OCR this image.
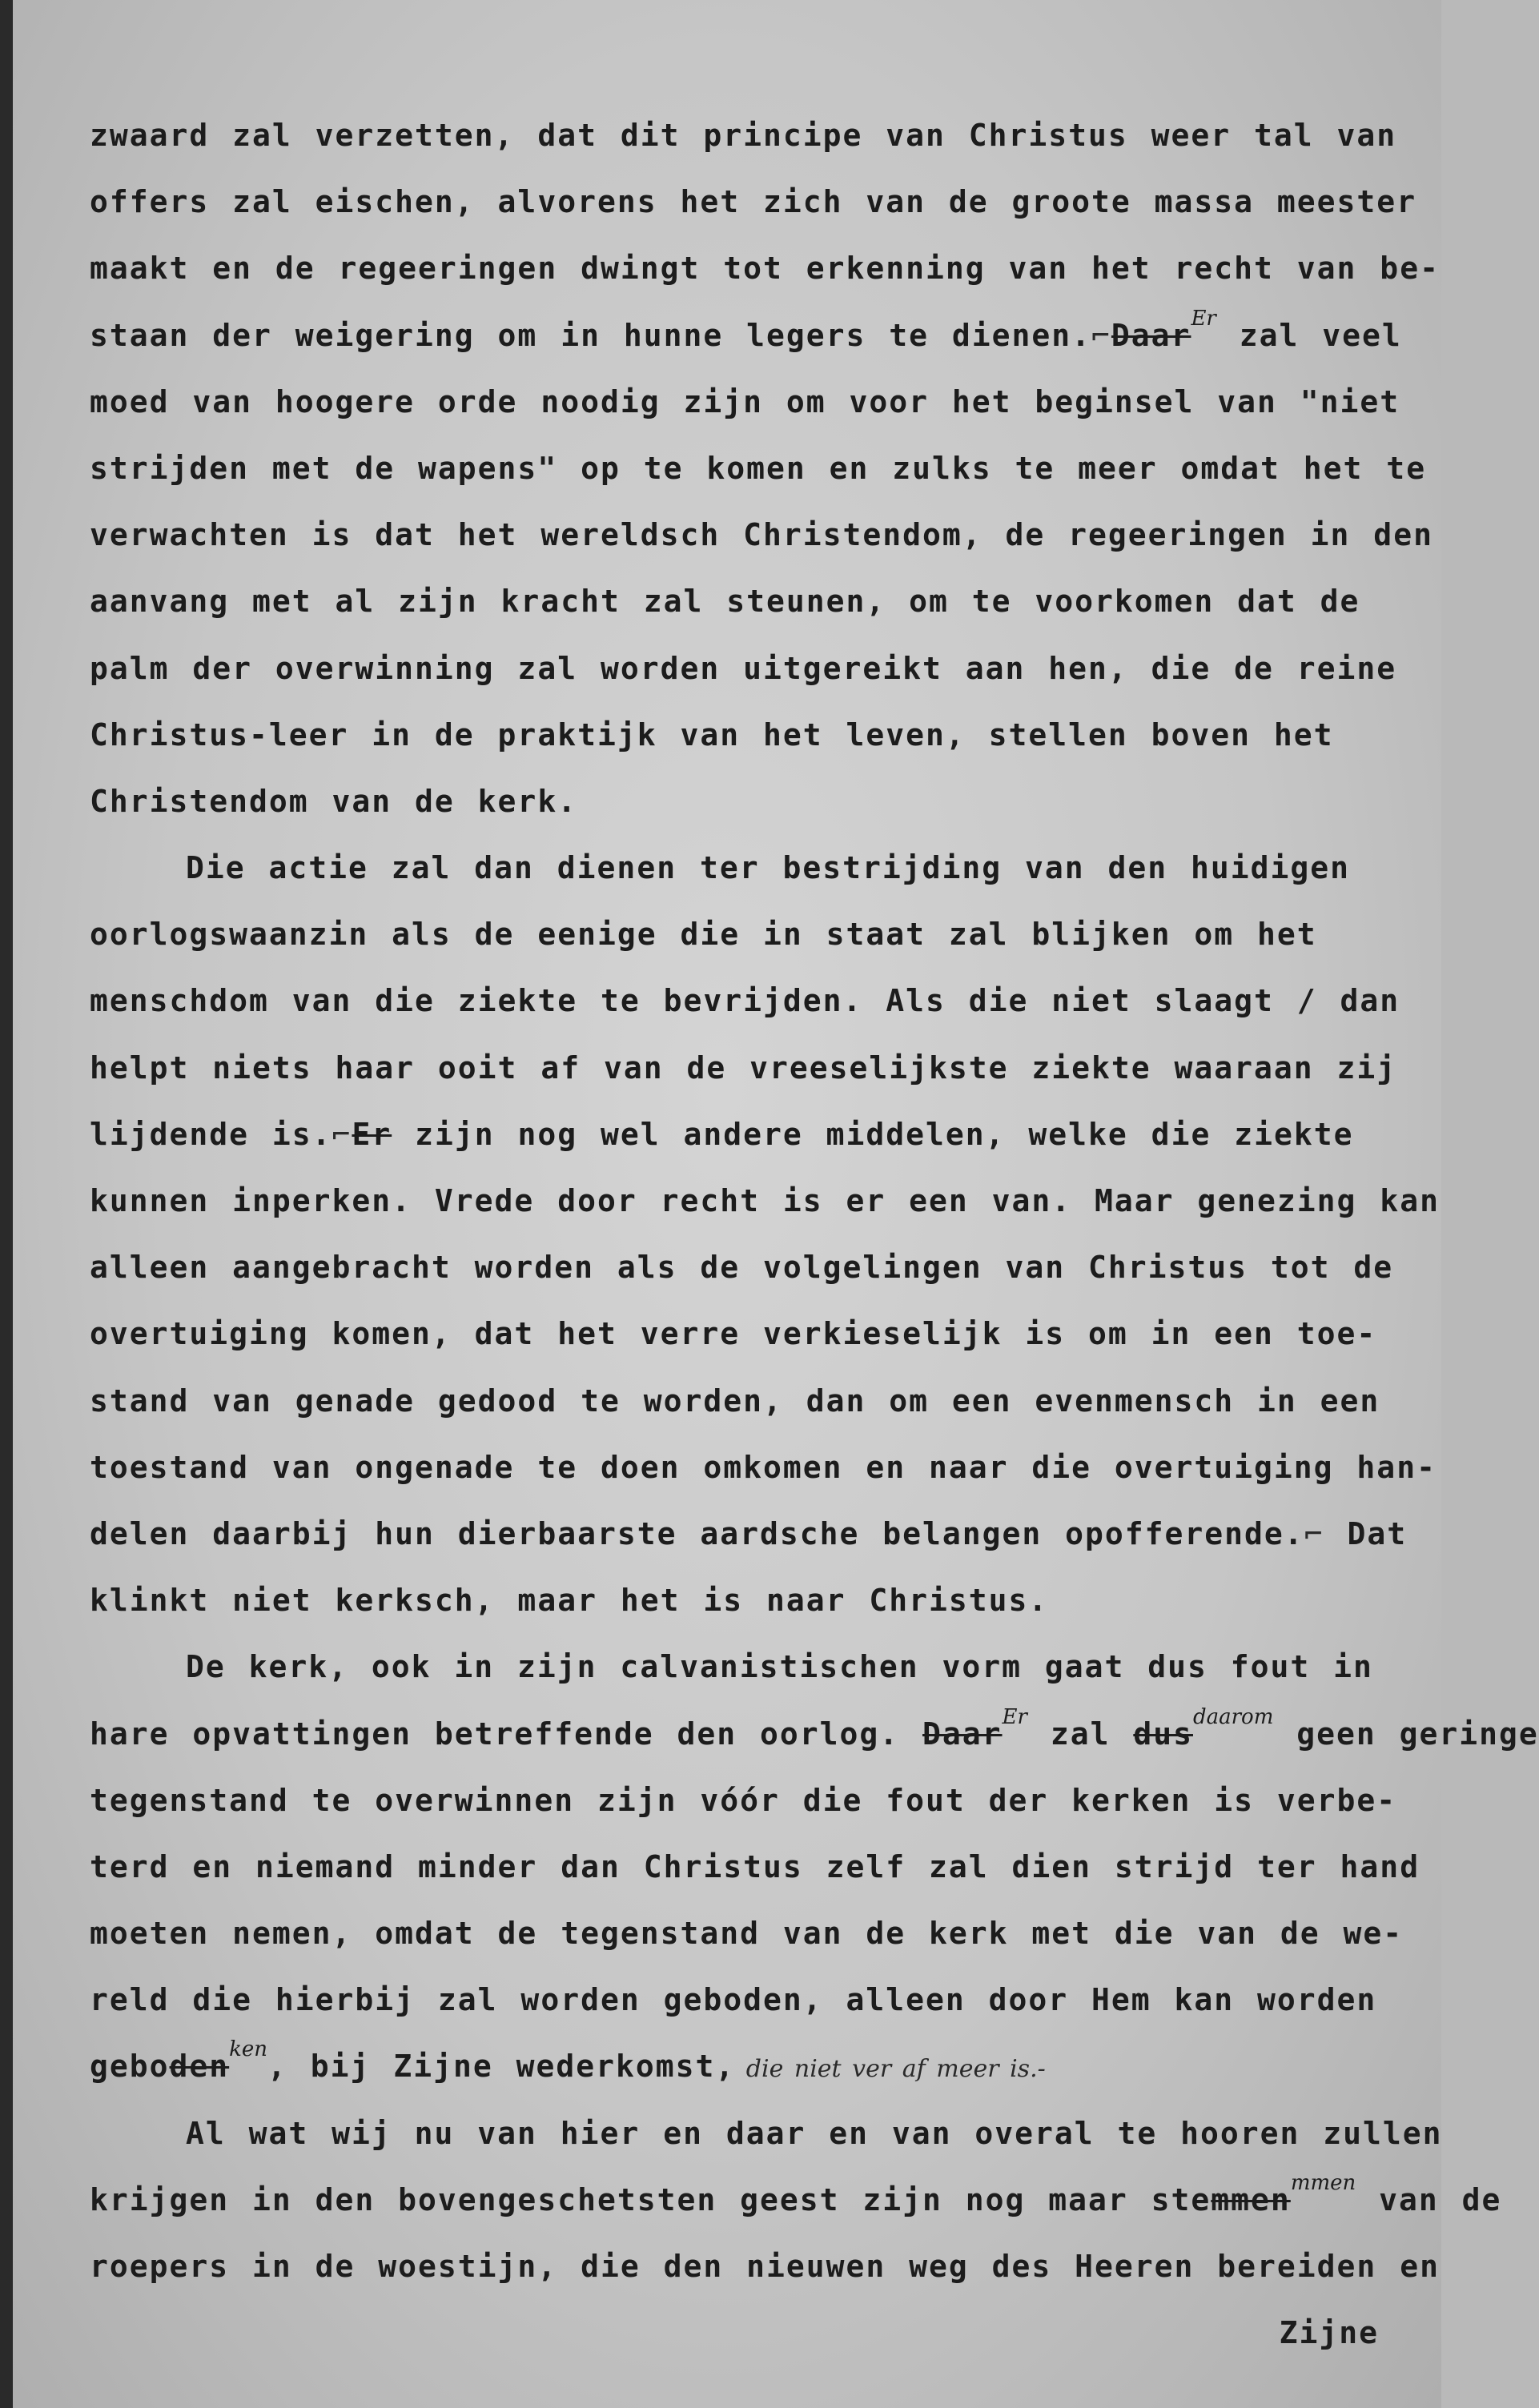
zwaard zal verzetten, dat dit principe van Christus weer tal van
offers zal eischen, alvorens het zich van de groote massa meester
maakt en de regeeringen dwingt tot erkenning van het recht van be-
staan der weigering om in hunne legers te dienen.⌐Daar$^{Er}$ zal veel
moed van hoogere orde noodig zijn om voor het beginsel van "niet
strijden met de wapens" op te komen en zulks te meer omdat het te
verwachten is dat het wereldsch Christendom, de regeeringen in den
aanvang met al zijn kracht zal steunen, om te voorkomen dat de
palm der overwinning zal worden uitgereikt aan hen, die de reine
Christus-leer in de praktijk van het leven, stellen boven het
Christendom van de kerk.
Die actie zal dan dienen ter bestrijding van den huidigen
oorlogswaanzin als de eenige die in staat zal blijken om het
menschdom van die ziekte te bevrijden. Als die niet slaagt / dan
helpt niets haar ooit af van de vreeselijkste ziekte waaraan zij
lijdende is.⌐Er zijn nog wel andere middelen, welke die ziekte
kunnen inperken. Vrede door recht is er een van. Maar genezing kan
alleen aangebracht worden als de volgelingen van Christus tot de
overtuiging komen, dat het verre verkieselijk is om in een toe-
stand van genade gedood te worden, dan om een evenmensch in een
toestand van ongenade te doen omkomen en naar die overtuiging han-
delen daarbij hun dierbaarste aardsche belangen opofferende.⌐ Dat
klinkt niet kerksch, maar het is naar Christus.
De kerk, ook in zijn calvanistischen vorm gaat dus fout in
hare opvattingen betreffende den oorlog. Daar$^{Er}$ zal dus$^{daarom}$ geen geringe
tegenstand te overwinnen zijn vóór die fout der kerken is verbe-
terd en niemand minder dan Christus zelf zal dien strijd ter hand
moeten nemen, omdat de tegenstand van de kerk met die van de we-
reld die hierbij zal worden geboden, alleen door Hem kan worden
geboden$^{ken}$, bij Zijne wederkomst, die niet ver af meer is.-
Al wat wij nu van hier en daar en van overal te hooren zullen
krijgen in den bovengeschetsten geest zijn nog maar stemmen$^{mmen}$ van de
roepers in de woestijn, die den nieuwen weg des Heeren bereiden en
Zijne
